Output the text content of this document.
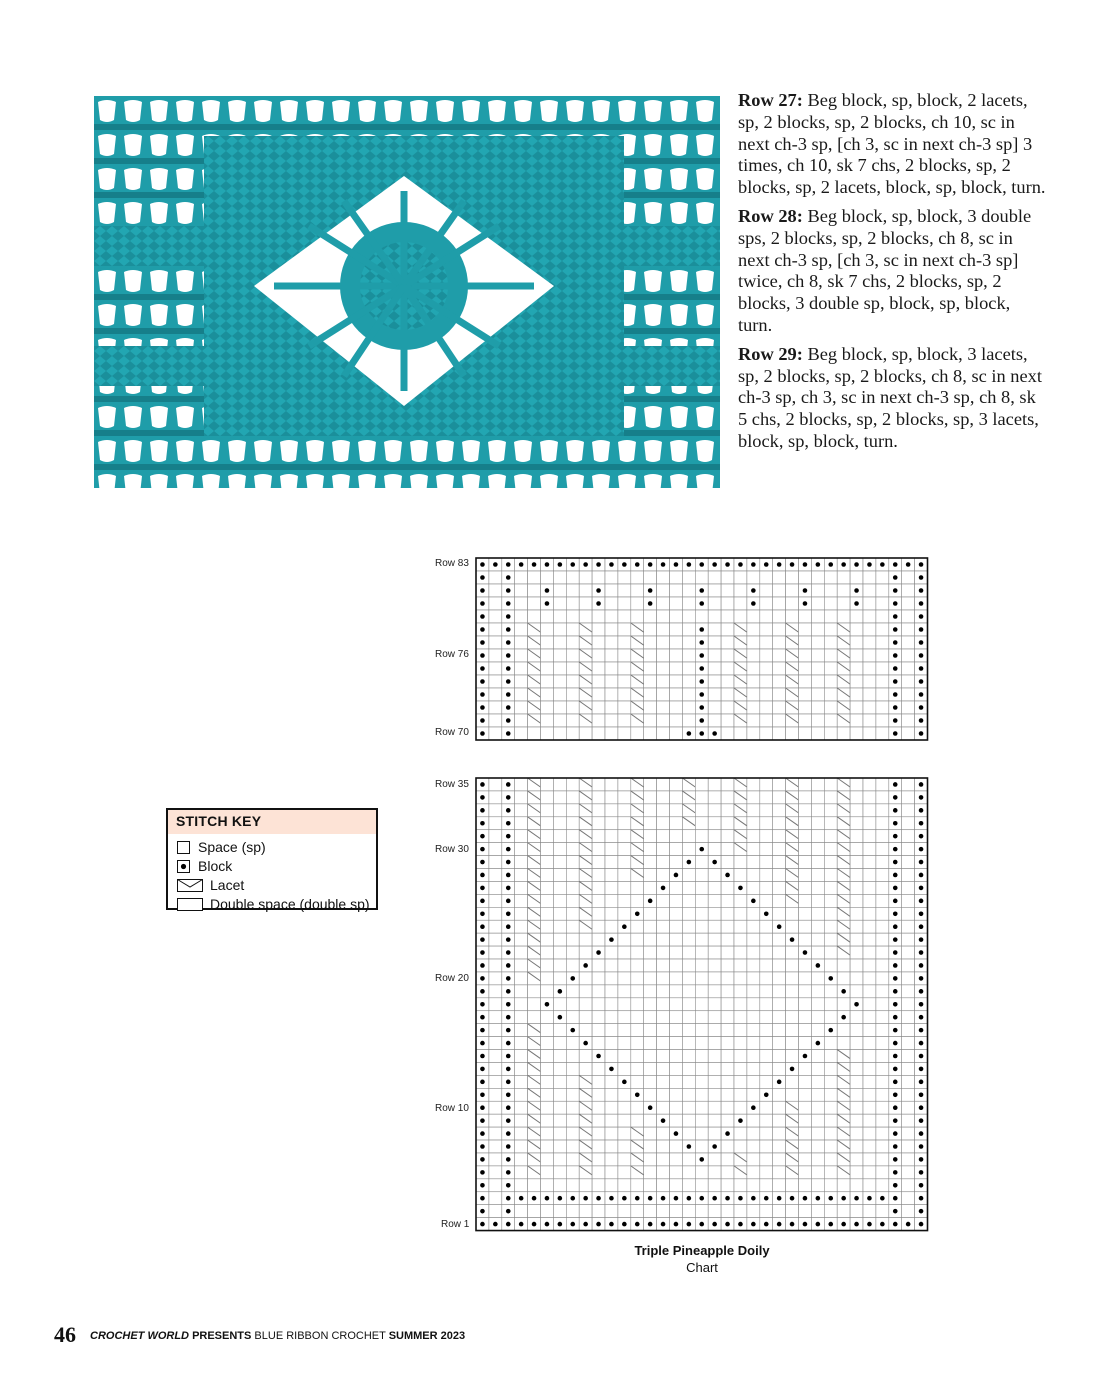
Row 27: Beg block, sp, block, 2 lacets, sp, 2 blocks, sp, 2 blocks, ch 10, sc in next ch-3 sp, [ch 3, sc in next ch-3 sp] 3 times, ch 10, sk 7 chs, 2 blocks, sp, 2 blocks, sp, 2 lacets, block, sp, block, turn.

Row 28: Beg block, sp, block, 3 double sps, 2 blocks, sp, 2 blocks, ch 8, sc in next ch-3 sp, [ch 3, sc in next ch-3 sp] twice, ch 8, sk 7 chs, 2 blocks, sp, 2 blocks, 3 double sp, block, sp, block, turn.

Row 29: Beg block, sp, block, 3 lacets, sp, 2 blocks, sp, 2 blocks, ch 8, sc in next ch-3 sp, ch 3, sc in next ch-3 sp, ch 8, sk 5 chs, 2 blocks, sp, 2 blocks, sp, 3 lacets, block, sp, block, turn.

STITCH KEY
Space (sp)
Block
Lacet
Double space (double sp)
Row 83
Row 76
Row 70
Row 35
Row 30
Row 20
Row 10
Row 1
Triple Pineapple Doily
Chart
46 CROCHET WORLD PRESENTS BLUE RIBBON CROCHET SUMMER 2023
